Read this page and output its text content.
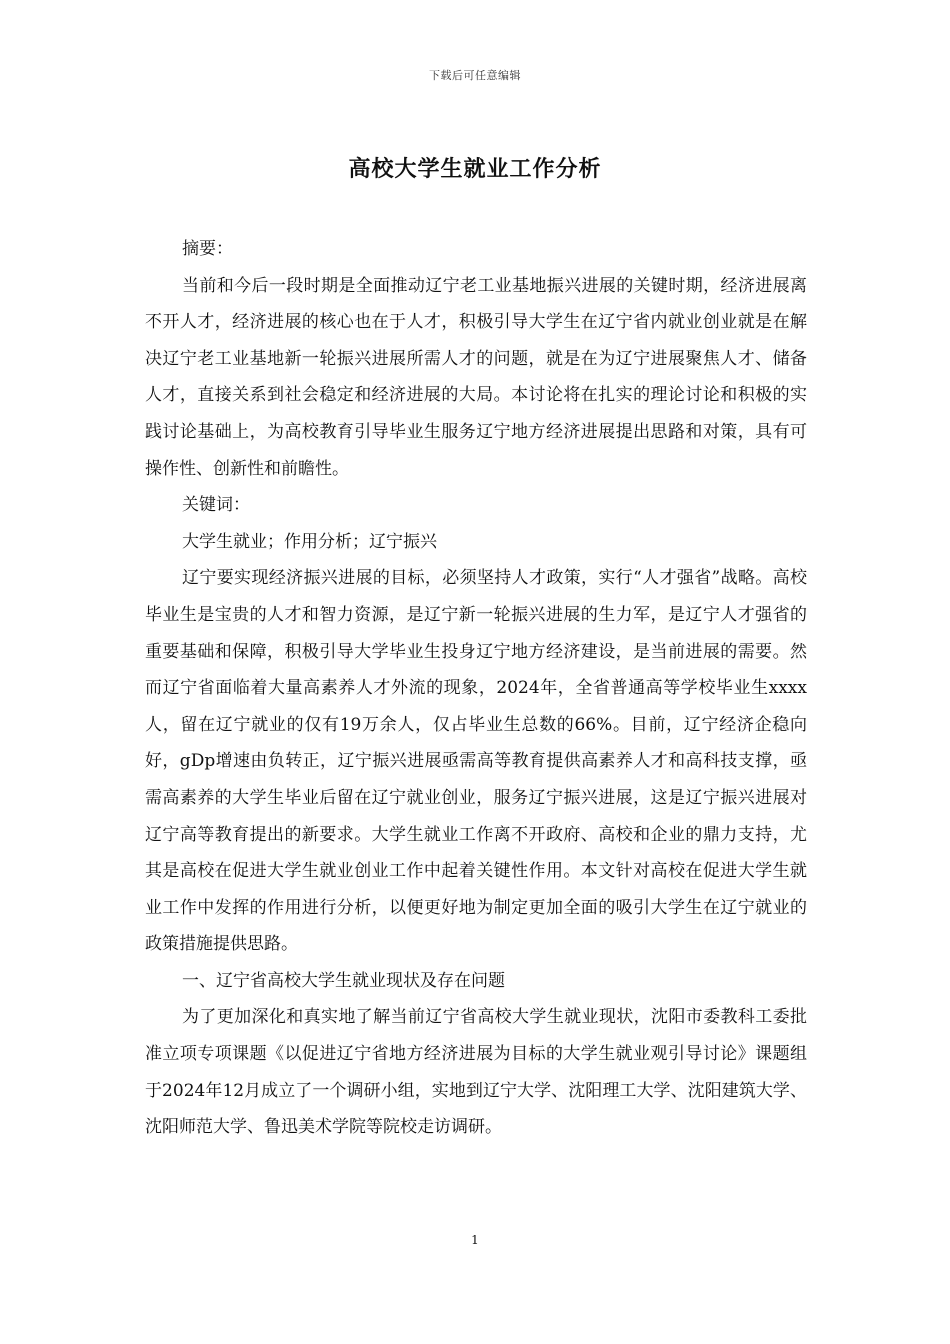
下载后可任意编辑
高校大学生就业工作分析

摘要：

当前和今后一段时期是全面推动辽宁老工业基地振兴进展的关键时期，经济进展离不开人才，经济进展的核心也在于人才，积极引导大学生在辽宁省内就业创业就是在解决辽宁老工业基地新一轮振兴进展所需人才的问题，就是在为辽宁进展聚焦人才、储备人才，直接关系到社会稳定和经济进展的大局。本讨论将在扎实的理论讨论和积极的实践讨论基础上，为高校教育引导毕业生服务辽宁地方经济进展提出思路和对策，具有可操作性、创新性和前瞻性。

关键词：

大学生就业；作用分析；辽宁振兴

辽宁要实现经济振兴进展的目标，必须坚持人才政策，实行“人才强省”战略。高校毕业生是宝贵的人才和智力资源，是辽宁新一轮振兴进展的生力军，是辽宁人才强省的重要基础和保障，积极引导大学毕业生投身辽宁地方经济建设，是当前进展的需要。然而辽宁省面临着大量高素养人才外流的现象，2024年，全省普通高等学校毕业生xxxx人，留在辽宁就业的仅有19万余人，仅占毕业生总数的66%。目前，辽宁经济企稳向好，gDp增速由负转正，辽宁振兴进展亟需高等教育提供高素养人才和高科技支撑，亟需高素养的大学生毕业后留在辽宁就业创业，服务辽宁振兴进展，这是辽宁振兴进展对辽宁高等教育提出的新要求。大学生就业工作离不开政府、高校和企业的鼎力支持，尤其是高校在促进大学生就业创业工作中起着关键性作用。本文针对高校在促进大学生就业工作中发挥的作用进行分析，以便更好地为制定更加全面的吸引大学生在辽宁就业的政策措施提供思路。

一、辽宁省高校大学生就业现状及存在问题

为了更加深化和真实地了解当前辽宁省高校大学生就业现状，沈阳市委教科工委批准立项专项课题《以促进辽宁省地方经济进展为目标的大学生就业观引导讨论》课题组于2024年12月成立了一个调研小组，实地到辽宁大学、沈阳理工大学、沈阳建筑大学、沈阳师范大学、鲁迅美术学院等院校走访调研。

1
